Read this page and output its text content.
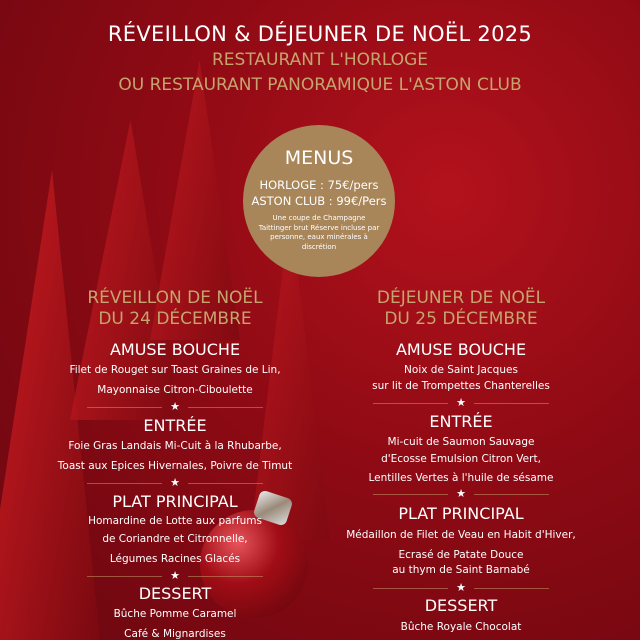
RÉVEILLON & DÉJEUNER DE NOËL 2025
RESTAURANT L'HORLOGE
OU RESTAURANT PANORAMIQUE L'ASTON CLUB
MENUS
HORLOGE : 75€/pers
ASTON CLUB : 99€/Pers
Une coupe de Champagne Taittinger brut Réserve incluse par personne, eaux minérales à discrétion
RÉVEILLON DE NOËL
DU 24 DÉCEMBRE
AMUSE BOUCHE
Filet de Rouget sur Toast Graines de Lin,
Mayonnaise Citron-Ciboulette
★
ENTRÉE
Foie Gras Landais Mi-Cuit à la Rhubarbe,
Toast aux Epices Hivernales, Poivre de Timut
★
PLAT PRINCIPAL
Homardine de Lotte aux parfums
de Coriandre et Citronnelle,
Légumes Racines Glacés
★
DESSERT
Bûche Pomme Caramel
Café & Mignardises
DÉJEUNER DE NOËL
DU 25 DÉCEMBRE
AMUSE BOUCHE
Noix de Saint Jacques
sur lit de Trompettes Chanterelles
★
ENTRÉE
Mi-cuit de Saumon Sauvage
d'Ecosse Emulsion Citron Vert,
Lentilles Vertes à l'huile de sésame
★
PLAT PRINCIPAL
Médaillon de Filet de Veau en Habit d'Hiver,
Ecrasé de Patate Douce
au thym de Saint Barnabé
★
DESSERT
Bûche Royale Chocolat
